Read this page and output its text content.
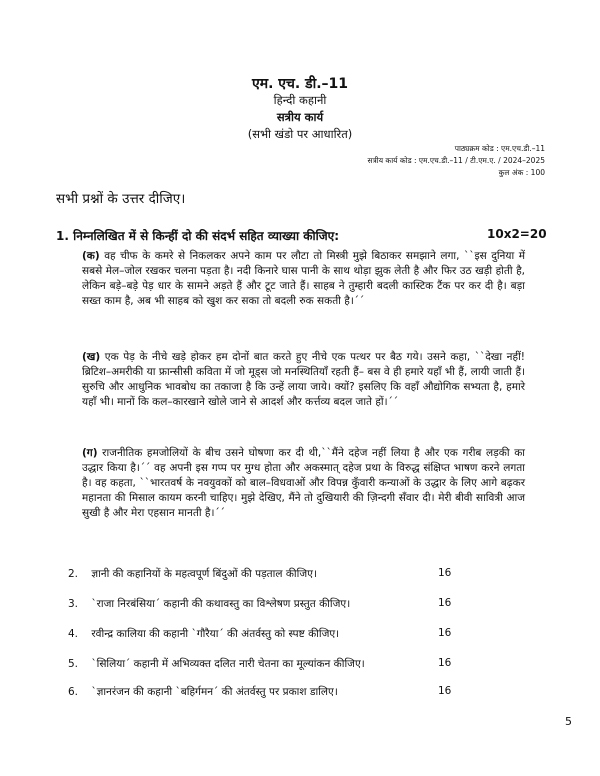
एम. एच. डी.–11
हिन्दी कहानी
सत्रीय कार्य
(सभी खंडो पर आधारित)
पाठ्यक्रम कोड : एम.एच.डी.–11
सत्रीय कार्य कोड : एम.एच.डी.–11 / टी.एम.ए. / 2024–2025
कुल अंक : 100
सभी प्रश्नों के उत्तर दीजिए।
1. निम्नलिखित में से किन्हीं दो की संदर्भ सहित व्याख्या कीजिए:	10x2=20
(क) वह चीफ के कमरे से निकलकर अपने काम पर लौटा तो मिस्त्री मुझे बिठाकर समझाने लगा, ``इस दुनिया में सबसे मेल–जोल रखकर चलना पड़ता है। नदी किनारे घास पानी के साथ थोड़ा झुक लेती है और फिर उठ खड़ी होती है, लेकिन बड़े–बड़े पेड़ धार के सामने अड़ते हैं और टूट जाते हैं। साहब ने तुम्हारी बदली कास्टिक टैंक पर कर दी है। बड़ा सख्त काम है, अब भी साहब को खुश कर सका तो बदली रुक सकती है।´´
(ख) एक पेड़ के नीचे खड़े होकर हम दोनों बात करते हुए नीचे एक पत्थर पर बैठ गये। उसने कहा, ``देखा नहीं! ब्रिटिश–अमरीकी या फ्रान्सीसी कविता में जो मूड्स जो मनस्थितियाँ रहती हैं– बस वे ही हमारे यहाँ भी हैं, लायी जाती हैं। सुरुचि और आधुनिक भावबोध का तकाजा है कि उन्हें लाया जाये। क्यों? इसलिए कि वहाँ औद्योगिक सभ्यता है, हमारे यहाँ भी। मानों कि कल–कारखाने खोले जाने से आदर्श और कर्त्तव्य बदल जाते हों।´´
(ग) राजनीतिक हमजोलियों के बीच उसने घोषणा कर दी थी,``मैंने दहेज नहीं लिया है और एक गरीब लड़की का उद्धार किया है।´´ वह अपनी इस गप्प पर मुग्ध होता और अकस्मात् दहेज प्रथा के विरुद्ध संक्षिप्त भाषण करने लगता है। वह कहता, ``भारतवर्ष के नवयुवकों को बाल–विधवाओं और विपन्न कुँवारी कन्याओं के उद्धार के लिए आगे बढ़कर महानता की मिसाल कायम करनी चाहिए। मुझे देखिए, मैंने तो दुखियारी की ज़िन्दगी सँवार दी। मेरी बीवी सावित्री आज सुखी है और मेरा एहसान मानती है।´´
2. ज्ञानी की कहानियों के महत्वपूर्ण बिंदुओं की पड़ताल कीजिए।	16
3. `राजा निरबंसिया´ कहानी की कथावस्तु का विश्लेषण प्रस्तुत कीजिए।	16
4. रवीन्द्र कालिया की कहानी `गौरैया´ की अंतर्वस्तु को स्पष्ट कीजिए।	16
5. `सिलिया´ कहानी में अभिव्यक्त दलित नारी चेतना का मूल्यांकन कीजिए।	16
6. `ज्ञानरंजन की कहानी `बहिर्गमन´ की अंतर्वस्तु पर प्रकाश डालिए।	16
5
